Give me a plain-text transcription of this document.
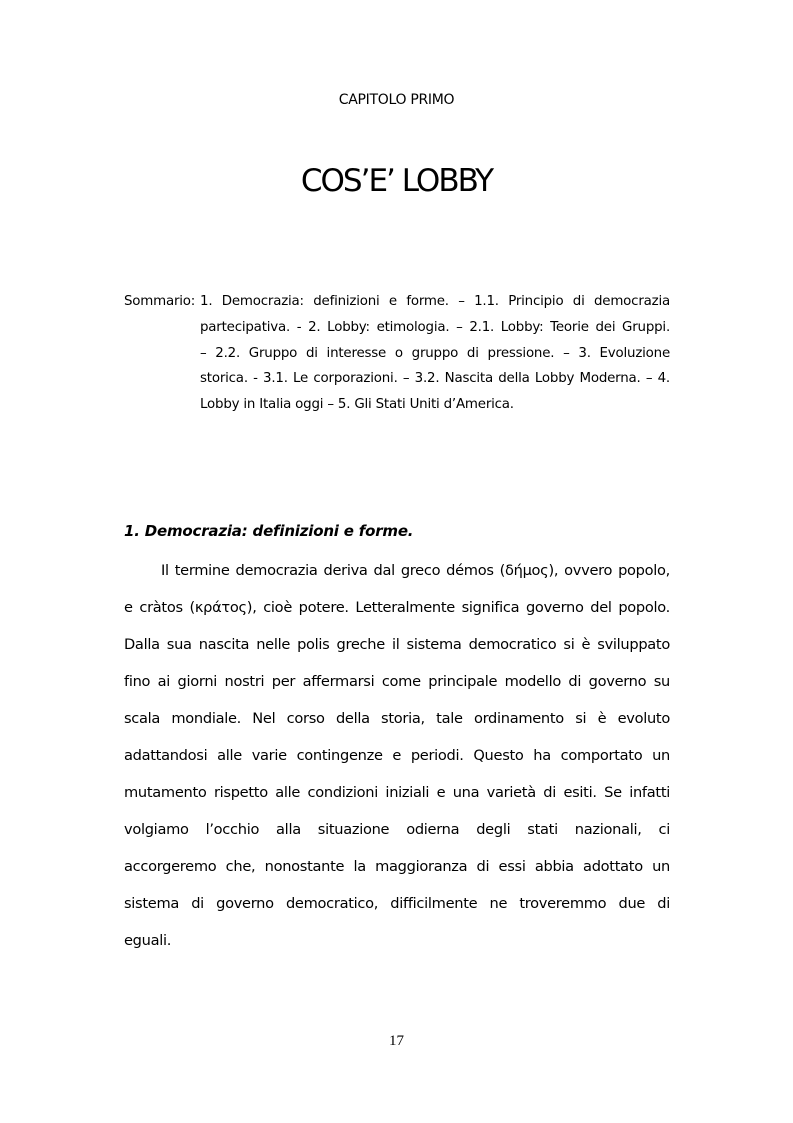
CAPITOLO PRIMO
COS’E’ LOBBY
Sommario: 1. Democrazia: definizioni e forme. – 1.1. Principio di democrazia
partecipativa. - 2. Lobby: etimologia. – 2.1. Lobby: Teorie dei Gruppi.
– 2.2. Gruppo di interesse o gruppo di pressione. – 3. Evoluzione
storica. - 3.1. Le corporazioni. – 3.2. Nascita della Lobby Moderna. – 4.
Lobby in Italia oggi – 5. Gli Stati Uniti d’America.
1. Democrazia: definizioni e forme.
Il termine democrazia deriva dal greco démos (δήμος), ovvero popolo,
e cràtos (κράτος), cioè potere. Letteralmente significa governo del popolo.
Dalla sua nascita nelle polis greche il sistema democratico si è sviluppato
fino ai giorni nostri per affermarsi come principale modello di governo su
scala mondiale. Nel corso della storia, tale ordinamento si è evoluto
adattandosi alle varie contingenze e periodi. Questo ha comportato un
mutamento rispetto alle condizioni iniziali e una varietà di esiti. Se infatti
volgiamo l’occhio alla situazione odierna degli stati nazionali, ci
accorgeremo che, nonostante la maggioranza di essi abbia adottato un
sistema di governo democratico, difficilmente ne troveremmo due di
eguali.
17
